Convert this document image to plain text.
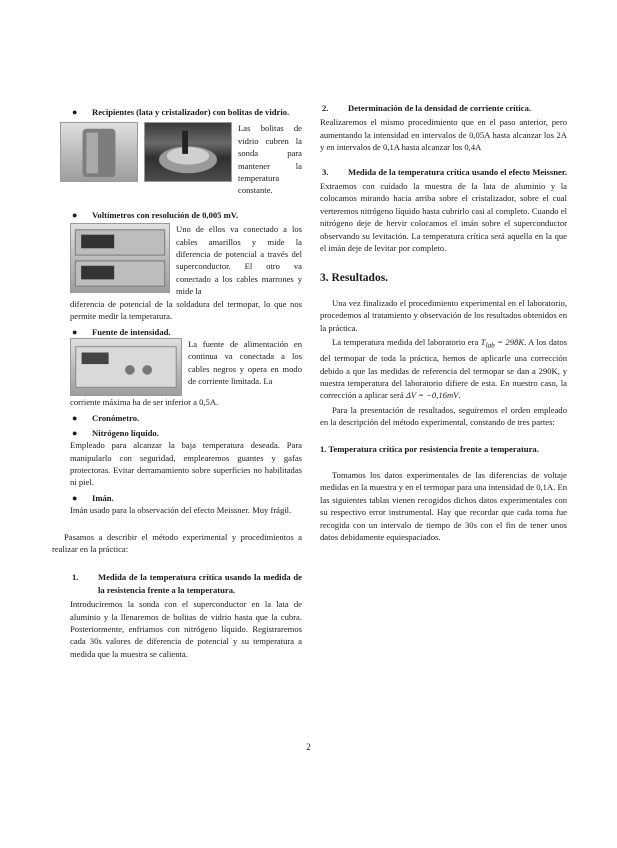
●	Recipientes (lata y cristalizador) con bolitas de vidrio.

Las bolitas de vidrio cubren la sonda para mantener la temperatura constante.

●	Voltímetros con resolución de 0,005 mV.

Uno de ellos va conectado a los cables amarillos y mide la diferencia de potencial a través del superconductor. El otro va conectado a los cables marrones y mide la

diferencia de potencial de la soldadura del termopar, lo que nos permite medir la temperatura.

●	Fuente de intensidad.

La fuente de alimentación en continua va conectada a los cables negros y opera en modo de corriente limitada. La

corriente máxima ha de ser inferior a 0,5A.

●	Cronómetro.
●	Nitrógeno líquido.

Empleado para alcanzar la baja temperatura deseada. Para manipularlo con seguridad, emplearemos guantes y gafas protectoras. Evitar derramamiento sobre superficies no habilitadas ni piel.

●	Imán.

Imán usado para la observación del efecto Meissner. Muy frágil.

Pasamos a describir el método experimental y procedimientos a realizar en la práctica:

1.	Medida de la temperatura crítica usando la medida de la resistencia frente a la temperatura.

Introduciremos la sonda con el superconductor en la lata de aluminio y la llenaremos de bolitas de vidrio hasta que la cubra. Posteriormente, enfriamos con nitrógeno líquido. Registraremos cada 30s valores de diferencia de potencial y su temperatura a medida que la muestra se calienta.

2.	Determinación de la densidad de corriente crítica.

Realizaremos el mismo procedimiento que en el paso anterior, pero aumentando la intensidad en intervalos de 0,05A hasta alcanzar los 2A y en intervalos de 0,1A hasta alcanzar los 0,4A

3.	Medida de la temperatura crítica usando el efecto Meissner.

Extraemos con cuidado la muestra de la lata de aluminio y la colocamos mirando hacia arriba sobre el cristalizador, sobre el cual verteremos nitrógeno líquido hasta cubrirlo casi al completo. Cuando el nitrógeno deje de hervir colocamos el imán sobre el superconductor observando su levitación. La temperatura crítica será aquella en la que el imán deje de levitar por completo.

3. Resultados.

Una vez finalizado el procedimiento experimental en el laboratorio, procedemos al tratamiento y observación de los resultados obtenidos en la práctica.

La temperatura medida del laboratorio era $T_{lab} = 298K$. A los datos del termopar de toda la práctica, hemos de aplicarle una corrección debido a que las medidas de referencia del termopar se dan a 290K, y nuestra temperatura del laboratorio difiere de esta. En nuestro caso, la corrección a aplicar será ΔV = −0,16mV.

Para la presentación de resultados, seguiremos el orden empleado en la descripción del método experimental, constando de tres partes:

1. Temperatura crítica por resistencia frente a temperatura.

Tomamos los datos experimentales de las diferencias de voltaje medidas en la muestra y en el termopar para una intensidad de 0,1A. En las siguientes tablas vienen recogidos dichos datos experimentales con su respectivo error instrumental. Hay que recordar que cada toma fue recogida con un intervalo de tiempo de 30s con el fin de tener unos datos debidamente equiespaciados.

2
